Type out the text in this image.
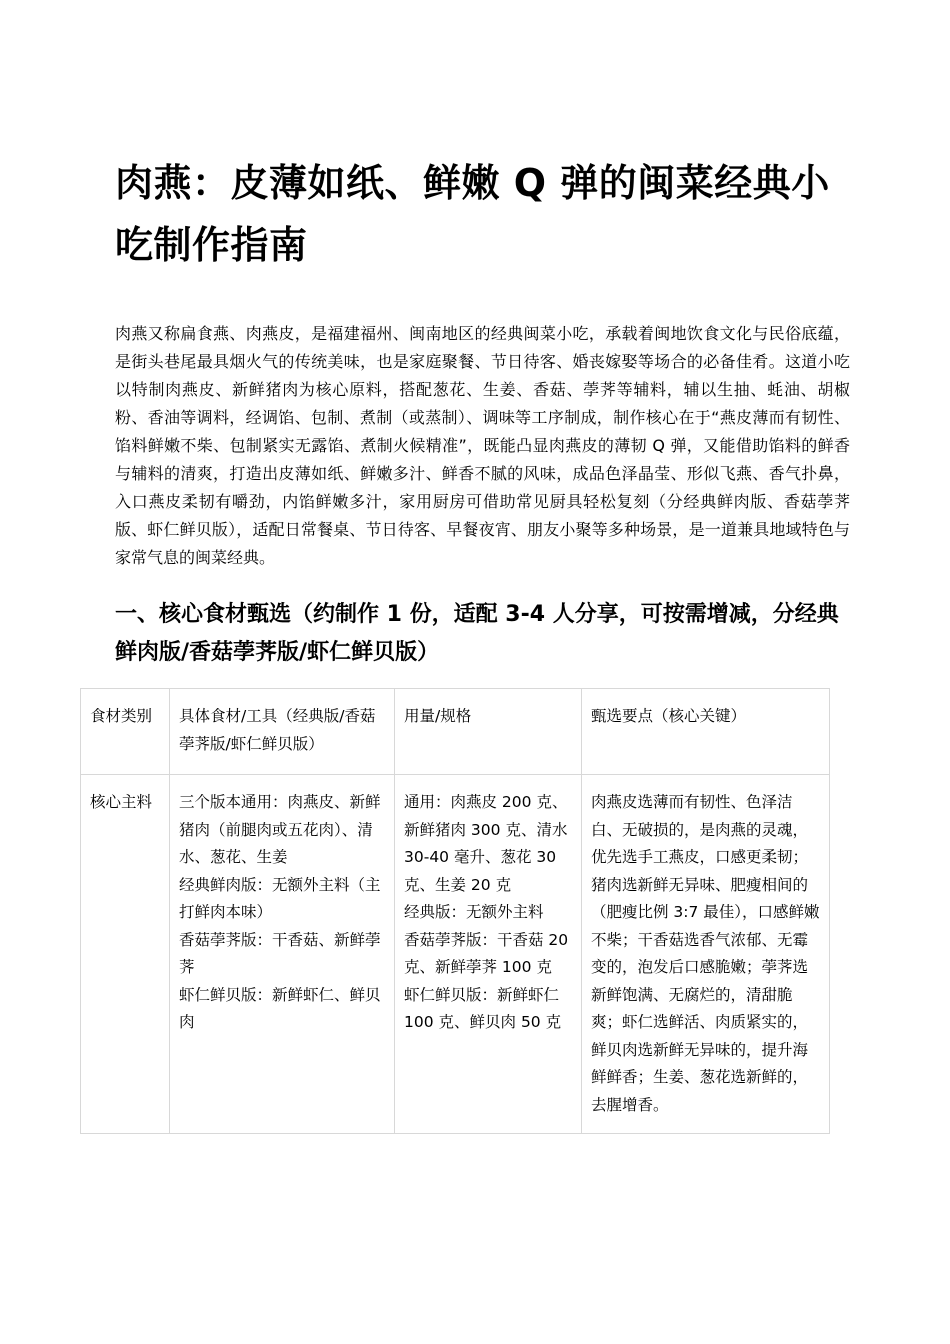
肉燕：皮薄如纸、鲜嫩 Q 弹的闽菜经典小吃制作指南

肉燕又称扁食燕、肉燕皮，是福建福州、闽南地区的经典闽菜小吃，承载着闽地饮食文化与民俗底蕴，是街头巷尾最具烟火气的传统美味，也是家庭聚餐、节日待客、婚丧嫁娶等场合的必备佳肴。这道小吃以特制肉燕皮、新鲜猪肉为核心原料，搭配葱花、生姜、香菇、荸荠等辅料，辅以生抽、蚝油、胡椒粉、香油等调料，经调馅、包制、煮制（或蒸制）、调味等工序制成，制作核心在于“燕皮薄而有韧性、馅料鲜嫩不柴、包制紧实无露馅、煮制火候精准”，既能凸显肉燕皮的薄韧 Q 弹，又能借助馅料的鲜香与辅料的清爽，打造出皮薄如纸、鲜嫩多汁、鲜香不腻的风味，成品色泽晶莹、形似飞燕、香气扑鼻，入口燕皮柔韧有嚼劲，内馅鲜嫩多汁，家用厨房可借助常见厨具轻松复刻（分经典鲜肉版、香菇荸荠版、虾仁鲜贝版），适配日常餐桌、节日待客、早餐夜宵、朋友小聚等多种场景，是一道兼具地域特色与家常气息的闽菜经典。

一、核心食材甄选（约制作 1 份，适配 3-4 人分享，可按需增减，分经典鲜肉版/香菇荸荠版/虾仁鲜贝版）
食材类别	具体食材/工具（经典版/香菇荸荠版/虾仁鲜贝版）	用量/规格	甄选要点（核心关键）
核心主料	三个版本通用：肉燕皮、新鲜猪肉（前腿肉或五花肉）、清水、葱花、生姜
经典鲜肉版：无额外主料（主打鲜肉本味）
香菇荸荠版：干香菇、新鲜荸荠
虾仁鲜贝版：新鲜虾仁、鲜贝肉	通用：肉燕皮 200 克、新鲜猪肉 300 克、清水 30-40 毫升、葱花 30 克、生姜 20 克
经典版：无额外主料
香菇荸荠版：干香菇 20 克、新鲜荸荠 100 克
虾仁鲜贝版：新鲜虾仁 100 克、鲜贝肉 50 克	肉燕皮选薄而有韧性、色泽洁白、无破损的，是肉燕的灵魂，优先选手工燕皮，口感更柔韧；猪肉选新鲜无异味、肥瘦相间的（肥瘦比例 3:7 最佳），口感鲜嫩不柴；干香菇选香气浓郁、无霉变的，泡发后口感脆嫩；荸荠选新鲜饱满、无腐烂的，清甜脆爽；虾仁选鲜活、肉质紧实的，鲜贝肉选新鲜无异味的，提升海鲜鲜香；生姜、葱花选新鲜的，去腥增香。
